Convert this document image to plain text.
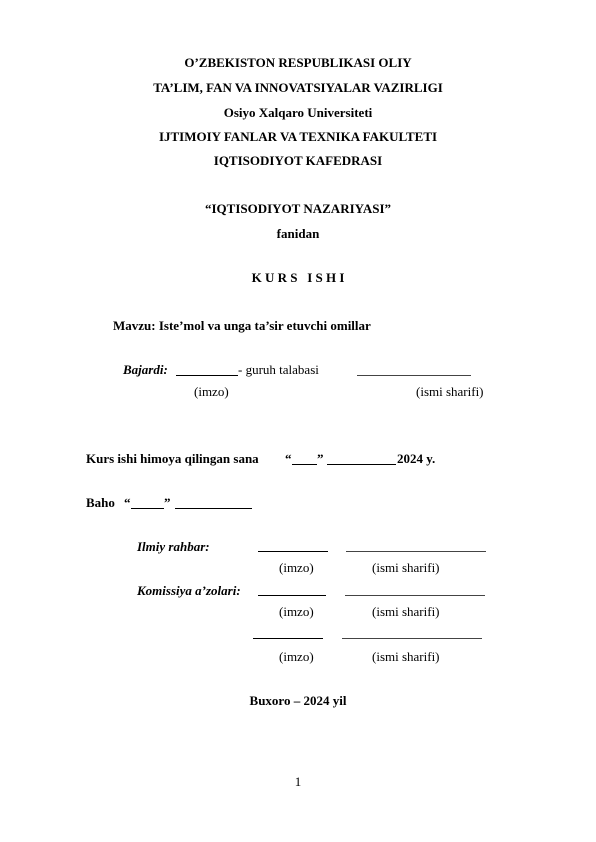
O’ZBEKISTON RESPUBLIKASI OLIY
TA’LIM, FAN VA INNOVATSIYALAR VAZIRLIGI
Osiyo Xalqaro Universiteti
IJTIMOIY FANLAR VA TEXNIKA FAKULTETI
IQTISODIYOT KAFEDRASI
“IQTISODIYOT NAZARIYASI”
fanidan
K U R S   I S H I
Mavzu: Iste’mol va unga ta’sir etuvchi omillar
Bajardi:	- guruh talabasi
(imzo)	(ismi sharifi)
Kurs ishi himoya qilingan sana “ ”	2024 y.
Baho “	”
Ilmiy rahbar:
(imzo)	(ismi sharifi)
Komissiya a’zolari:
(imzo)	(ismi sharifi)
(imzo)	(ismi sharifi)
Buxoro – 2024 yil
1
